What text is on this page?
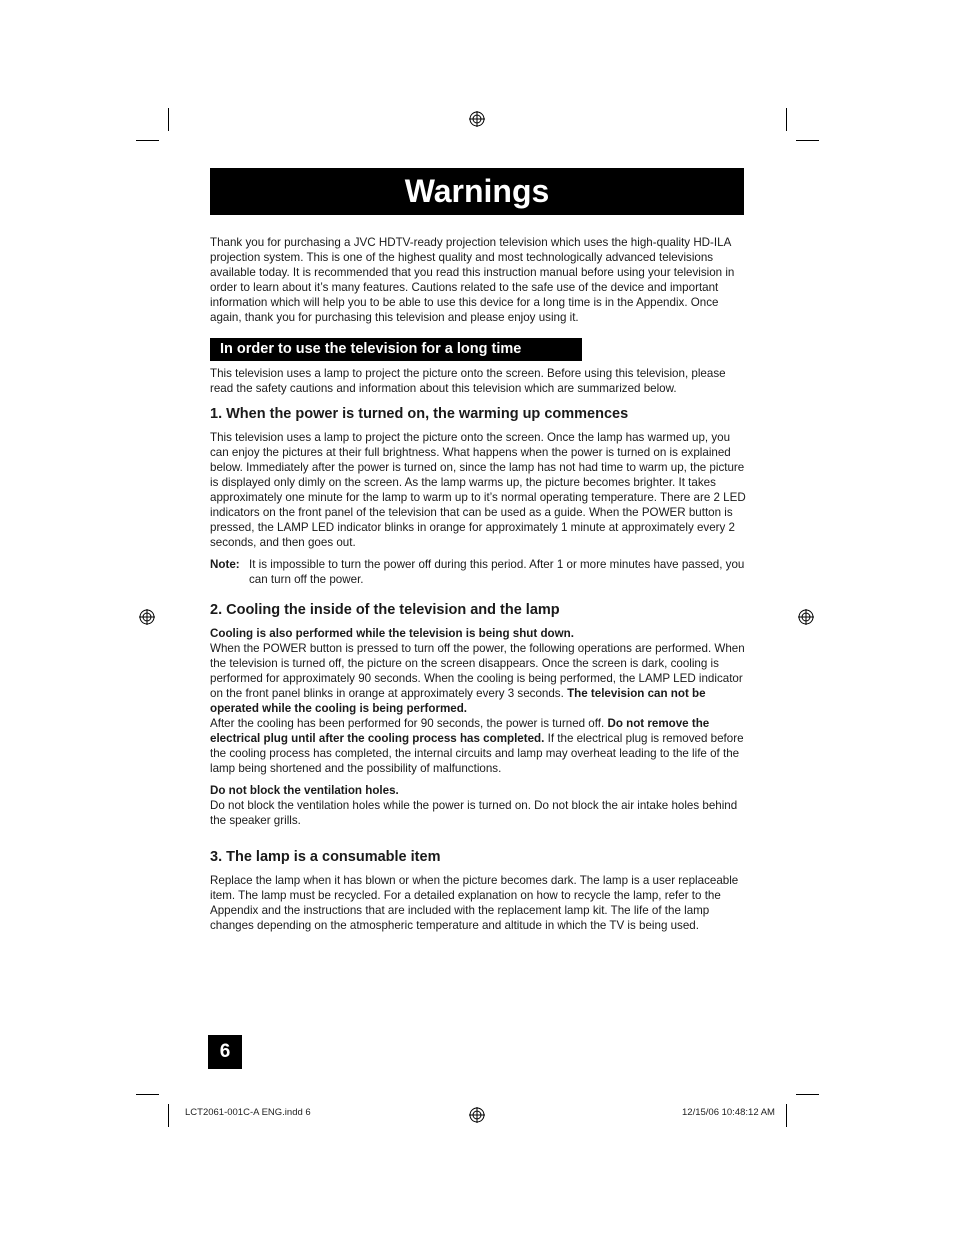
Warnings

Thank you for purchasing a JVC HDTV-ready projection television which uses the high-quality HD-ILA projection system. This is one of the highest quality and most technologically advanced televisions available today. It is recommended that you read this instruction manual before using your television in order to learn about it’s many features. Cautions related to the safe use of the device and important information which will help you to be able to use this device for a long time is in the Appendix. Once again, thank you for purchasing this television and please enjoy using it.

In order to use the television for a long time

This television uses a lamp to project the picture onto the screen. Before using this television, please read the safety cautions and information about this television which are summarized below.

1. When the power is turned on, the warming up commences

This television uses a lamp to project the picture onto the screen. Once the lamp has warmed up, you can enjoy the pictures at their full brightness. What happens when the power is turned on is explained below. Immediately after the power is turned on, since the lamp has not had time to warm up, the picture is displayed only dimly on the screen. As the lamp warms up, the picture becomes brighter. It takes approximately one minute for the lamp to warm up to it’s normal operating temperature. There are 2 LED indicators on the front panel of the television that can be used as a guide. When the POWER button is pressed, the LAMP LED indicator blinks in orange for approximately 1 minute at approximately every 2 seconds, and then goes out.

Note: It is impossible to turn the power off during this period. After 1 or more minutes have passed, you can turn off the power.

2. Cooling the inside of the television and the lamp

Cooling is also performed while the television is being shut down.

When the POWER button is pressed to turn off the power, the following operations are performed. When the television is turned off, the picture on the screen disappears. Once the screen is dark, cooling is performed for approximately 90 seconds. When the cooling is being performed, the LAMP LED indicator on the front panel blinks in orange at approximately every 3 seconds. The television can not be operated while the cooling is being performed.
After the cooling has been performed for 90 seconds, the power is turned off. Do not remove the electrical plug until after the cooling process has completed. If the electrical plug is removed before the cooling process has completed, the internal circuits and lamp may overheat leading to the life of the lamp being shortened and the possibility of malfunctions.

Do not block the ventilation holes.

Do not block the ventilation holes while the power is turned on. Do not block the air intake holes behind the speaker grills.

3. The lamp is a consumable item

Replace the lamp when it has blown or when the picture becomes dark. The lamp is a user replaceable item. The lamp must be recycled. For a detailed explanation on how to recycle the lamp, refer to the Appendix and the instructions that are included with the replacement lamp kit. The life of the lamp changes depending on the atmospheric temperature and altitude in which the TV is being used.

6
LCT2061-001C-A ENG.indd 6	12/15/06 10:48:12 AM
